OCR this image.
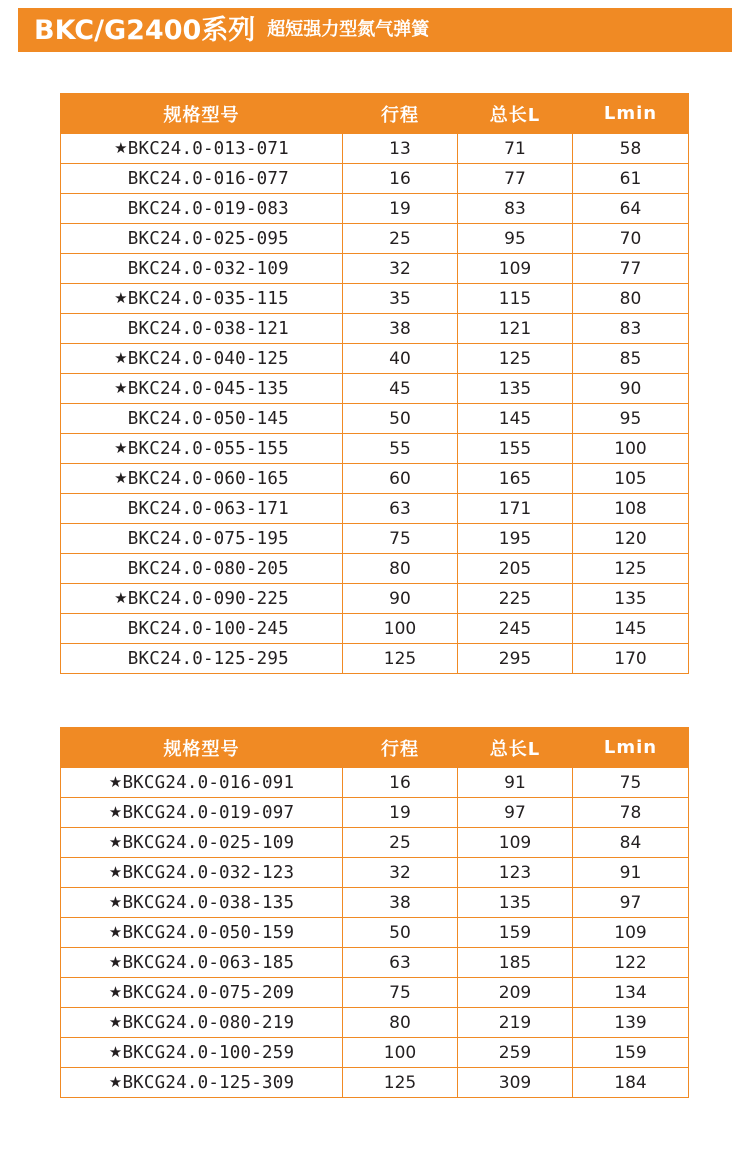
BKC/G2400系列 超短强力型氮气弹簧
规格型号	行程	总长L	Lmin
★BKC24.0-013-071	13	71	58
BKC24.0-016-077	16	77	61
BKC24.0-019-083	19	83	64
BKC24.0-025-095	25	95	70
BKC24.0-032-109	32	109	77
★BKC24.0-035-115	35	115	80
BKC24.0-038-121	38	121	83
★BKC24.0-040-125	40	125	85
★BKC24.0-045-135	45	135	90
BKC24.0-050-145	50	145	95
★BKC24.0-055-155	55	155	100
★BKC24.0-060-165	60	165	105
BKC24.0-063-171	63	171	108
BKC24.0-075-195	75	195	120
BKC24.0-080-205	80	205	125
★BKC24.0-090-225	90	225	135
BKC24.0-100-245	100	245	145
BKC24.0-125-295	125	295	170
规格型号	行程	总长L	Lmin
★BKCG24.0-016-091	16	91	75
★BKCG24.0-019-097	19	97	78
★BKCG24.0-025-109	25	109	84
★BKCG24.0-032-123	32	123	91
★BKCG24.0-038-135	38	135	97
★BKCG24.0-050-159	50	159	109
★BKCG24.0-063-185	63	185	122
★BKCG24.0-075-209	75	209	134
★BKCG24.0-080-219	80	219	139
★BKCG24.0-100-259	100	259	159
★BKCG24.0-125-309	125	309	184
